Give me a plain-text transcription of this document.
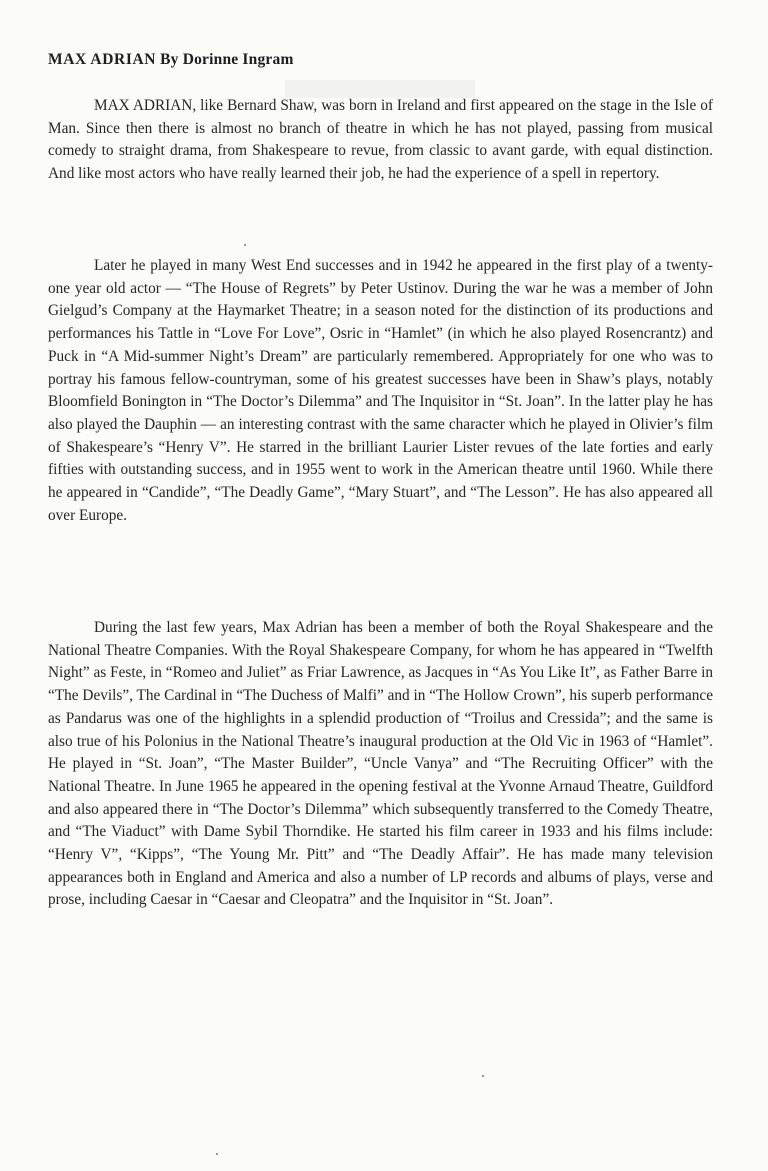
MAX ADRIAN By Dorinne Ingram

MAX ADRIAN, like Bernard Shaw, was born in Ireland and first appeared on the stage in the Isle of Man. Since then there is almost no branch of theatre in which he has not played, passing from musical comedy to straight drama, from Shakespeare to revue, from classic to avant garde, with equal distinction. And like most actors who have really learned their job, he had the experience of a spell in repertory.

Later he played in many West End successes and in 1942 he appeared in the first play of a twenty-one year old actor — “The House of Regrets” by Peter Ustinov. During the war he was a member of John Gielgud’s Company at the Haymarket Theatre; in a season noted for the distinction of its productions and performances his Tattle in “Love For Love”, Osric in “Hamlet” (in which he also played Rosencrantz) and Puck in “A Mid-summer Night’s Dream” are particularly remembered. Appropriately for one who was to portray his famous fellow-countryman, some of his greatest successes have been in Shaw’s plays, notably Bloomfield Bonington in “The Doctor’s Dilemma” and The Inquisitor in “St. Joan”. In the latter play he has also played the Dauphin — an interesting contrast with the same character which he played in Olivier’s film of Shakespeare’s “Henry V”. He starred in the brilliant Laurier Lister revues of the late forties and early fifties with outstanding success, and in 1955 went to work in the American theatre until 1960. While there he appeared in “Candide”, “The Deadly Game”, “Mary Stuart”, and “The Lesson”. He has also appeared all over Europe.

During the last few years, Max Adrian has been a member of both the Royal Shakespeare and the National Theatre Companies. With the Royal Shakespeare Company, for whom he has appeared in “Twelfth Night” as Feste, in “Romeo and Juliet” as Friar Lawrence, as Jacques in “As You Like It”, as Father Barre in “The Devils”, The Cardinal in “The Duchess of Malfi” and in “The Hollow Crown”, his superb performance as Pandarus was one of the highlights in a splendid production of “Troilus and Cressida”; and the same is also true of his Polonius in the National Theatre’s inaugural production at the Old Vic in 1963 of “Hamlet”. He played in “St. Joan”, “The Master Builder”, “Uncle Vanya” and “The Recruiting Officer” with the National Theatre. In June 1965 he appeared in the opening festival at the Yvonne Arnaud Theatre, Guildford and also appeared there in “The Doctor’s Dilemma” which subsequently transferred to the Comedy Theatre, and “The Viaduct” with Dame Sybil Thorndike. He started his film career in 1933 and his films include: “Henry V”, “Kipps”, “The Young Mr. Pitt” and “The Deadly Affair”. He has made many television appearances both in England and America and also a number of LP records and albums of plays, verse and prose, including Caesar in “Caesar and Cleopatra” and the Inquisitor in “St. Joan”.
